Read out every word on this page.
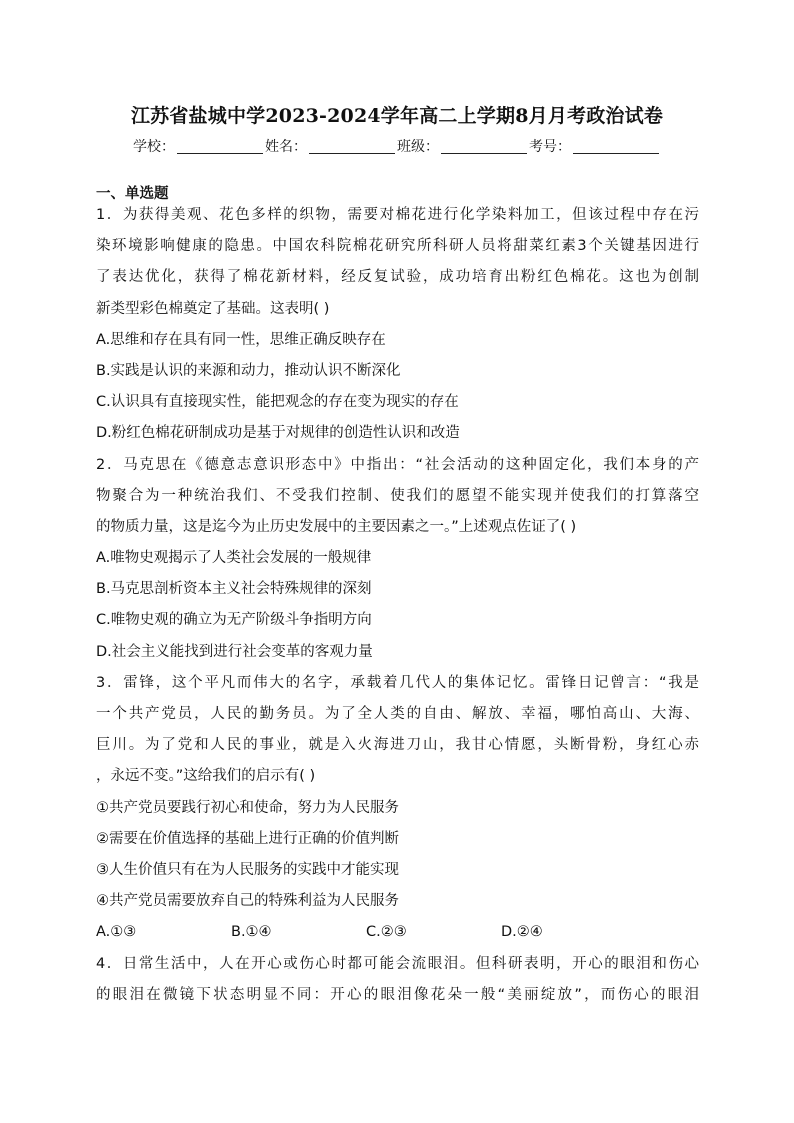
江苏省盐城中学2023-2024学年高二上学期8月月考政治试卷
学校：	姓名：	班级：	考号：
一、单选题
1．为获得美观、花色多样的织物，需要对棉花进行化学染料加工，但该过程中存在污
染环境影响健康的隐患。中国农科院棉花研究所科研人员将甜菜红素3个关键基因进行
了表达优化，获得了棉花新材料，经反复试验，成功培育出粉红色棉花。这也为创制
新类型彩色棉奠定了基础。这表明( )
A.思维和存在具有同一性，思维正确反映存在
B.实践是认识的来源和动力，推动认识不断深化
C.认识具有直接现实性，能把观念的存在变为现实的存在
D.粉红色棉花研制成功是基于对规律的创造性认识和改造
2．马克思在《德意志意识形态中》中指出：“社会活动的这种固定化，我们本身的产
物聚合为一种统治我们、不受我们控制、使我们的愿望不能实现并使我们的打算落空
的物质力量，这是迄今为止历史发展中的主要因素之一。”上述观点佐证了( )
A.唯物史观揭示了人类社会发展的一般规律
B.马克思剖析资本主义社会特殊规律的深刻
C.唯物史观的确立为无产阶级斗争指明方向
D.社会主义能找到进行社会变革的客观力量
3．雷锋，这个平凡而伟大的名字，承载着几代人的集体记忆。雷锋日记曾言：“我是
一个共产党员，人民的勤务员。为了全人类的自由、解放、幸福，哪怕高山、大海、
巨川。为了党和人民的事业，就是入火海进刀山，我甘心情愿，头断骨粉，身红心赤
，永远不变。”这给我们的启示有( )
①共产党员要践行初心和使命，努力为人民服务
②需要在价值选择的基础上进行正确的价值判断
③人生价值只有在为人民服务的实践中才能实现
④共产党员需要放弃自己的特殊利益为人民服务
A.①③	B.①④	C.②③	D.②④
4．日常生活中，人在开心或伤心时都可能会流眼泪。但科研表明，开心的眼泪和伤心
的眼泪在微镜下状态明显不同：开心的眼泪像花朵一般“美丽绽放”，而伤心的眼泪
